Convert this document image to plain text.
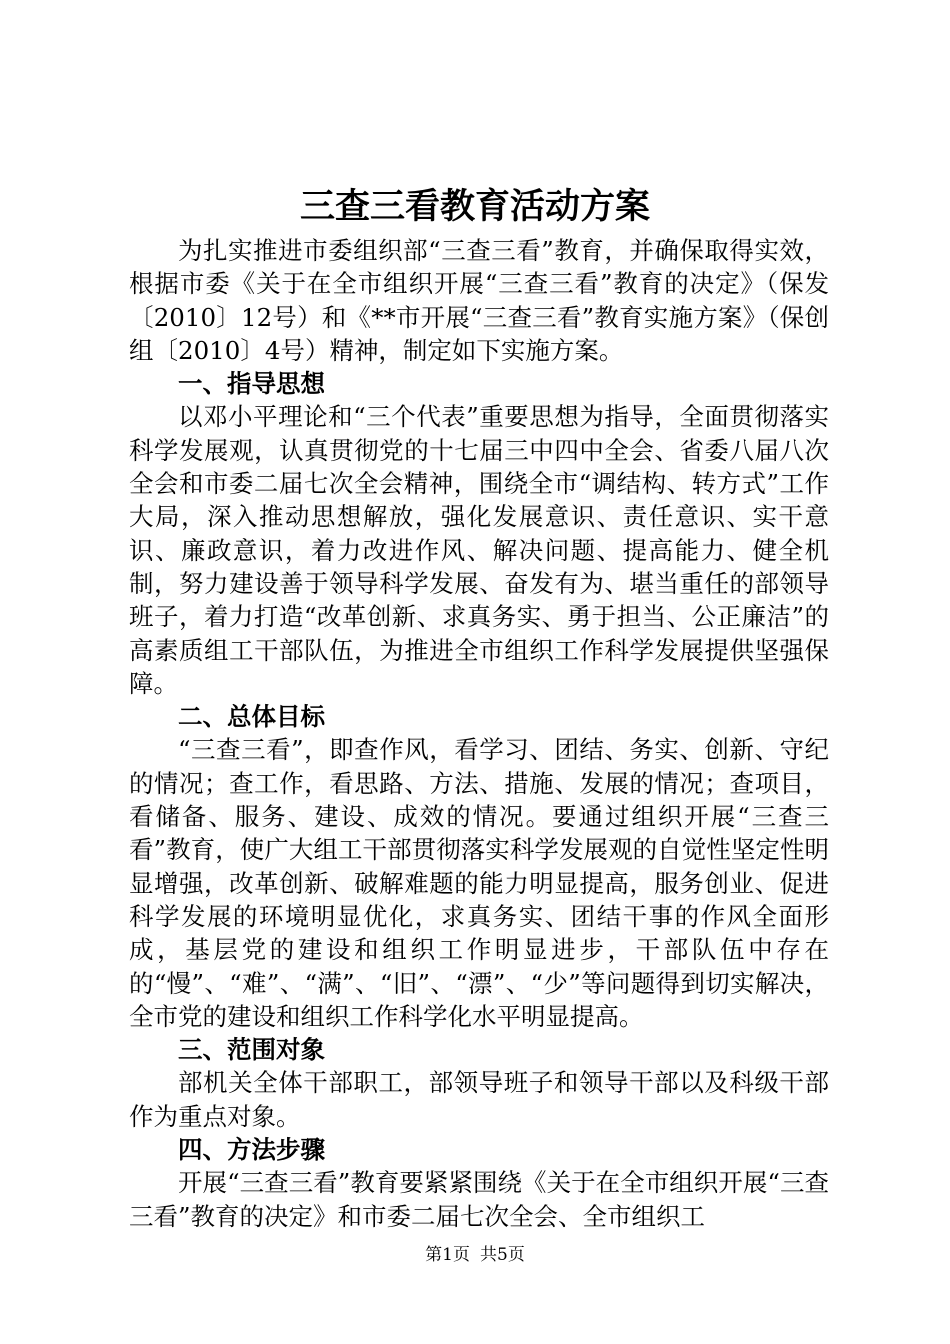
三查三看教育活动方案

为扎实推进市委组织部“三查三看”教育，并确保取得实效，根据市委《关于在全市组织开展“三查三看”教育的决定》（保发〔2010〕12号）和《**市开展“三查三看”教育实施方案》（保创组〔2010〕4号）精神，制定如下实施方案。

一、指导思想

以邓小平理论和“三个代表”重要思想为指导，全面贯彻落实科学发展观，认真贯彻党的十七届三中四中全会、省委八届八次全会和市委二届七次全会精神，围绕全市“调结构、转方式”工作大局，深入推动思想解放，强化发展意识、责任意识、实干意识、廉政意识，着力改进作风、解决问题、提高能力、健全机制，努力建设善于领导科学发展、奋发有为、堪当重任的部领导班子，着力打造“改革创新、求真务实、勇于担当、公正廉洁”的高素质组工干部队伍，为推进全市组织工作科学发展提供坚强保障。

二、总体目标

“三查三看”，即查作风，看学习、团结、务实、创新、守纪的情况；查工作，看思路、方法、措施、发展的情况；查项目，看储备、服务、建设、成效的情况。要通过组织开展“三查三看”教育，使广大组工干部贯彻落实科学发展观的自觉性坚定性明显增强，改革创新、破解难题的能力明显提高，服务创业、促进科学发展的环境明显优化，求真务实、团结干事的作风全面形成，基层党的建设和组织工作明显进步，干部队伍中存在的“慢”、“难”、“满”、“旧”、“漂”、“少”等问题得到切实解决，全市党的建设和组织工作科学化水平明显提高。

三、范围对象

部机关全体干部职工，部领导班子和领导干部以及科级干部作为重点对象。

四、方法步骤

开展“三查三看”教育要紧紧围绕《关于在全市组织开展“三查三看”教育的决定》和市委二届七次全会、全市组织工

第1页 共5页
